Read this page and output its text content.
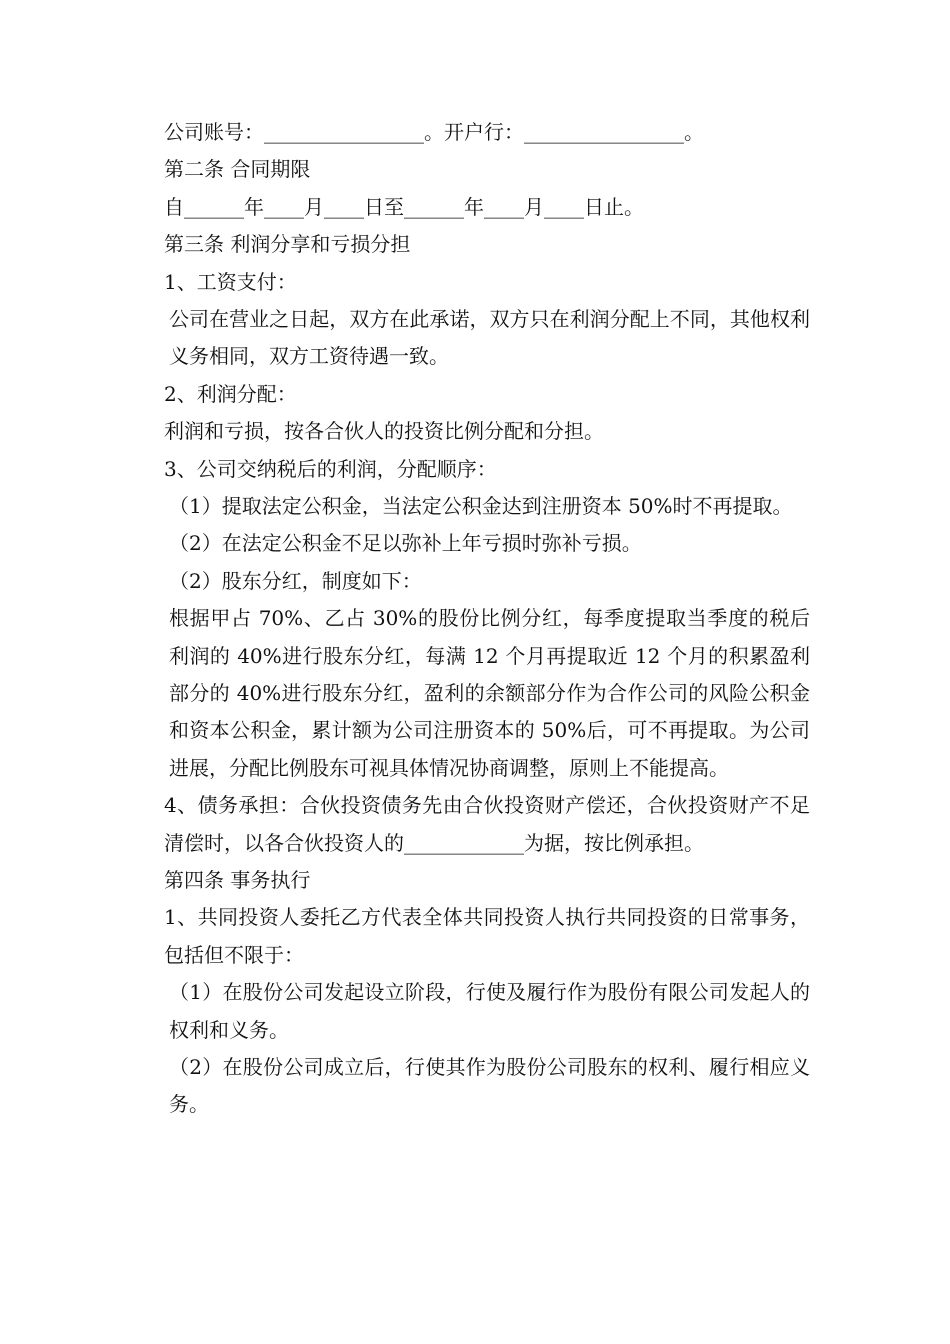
公司账号：________________。开户行：________________。
第二条 合同期限
自______年____月____日至______年____月____日止。
第三条 利润分享和亏损分担
1、工资支付：
公司在营业之日起，双方在此承诺，双方只在利润分配上不同，其他权利义务相同，双方工资待遇一致。
2、利润分配：
利润和亏损，按各合伙人的投资比例分配和分担。
3、公司交纳税后的利润，分配顺序：
（1）提取法定公积金，当法定公积金达到注册资本 50%时不再提取。
（2）在法定公积金不足以弥补上年亏损时弥补亏损。
（2）股东分红，制度如下：
根据甲占 70%、乙占 30%的股份比例分红，每季度提取当季度的税后利润的 40%进行股东分红，每满 12 个月再提取近 12 个月的积累盈利部分的 40%进行股东分红，盈利的余额部分作为合作公司的风险公积金和资本公积金，累计额为公司注册资本的 50%后，可不再提取。为公司进展，分配比例股东可视具体情况协商调整，原则上不能提高。
4、债务承担：合伙投资债务先由合伙投资财产偿还，合伙投资财产不足清偿时，以各合伙投资人的____________为据，按比例承担。
第四条 事务执行
1、共同投资人委托乙方代表全体共同投资人执行共同投资的日常事务，包括但不限于：
（1）在股份公司发起设立阶段，行使及履行作为股份有限公司发起人的权利和义务。
（2）在股份公司成立后，行使其作为股份公司股东的权利、履行相应义务。
